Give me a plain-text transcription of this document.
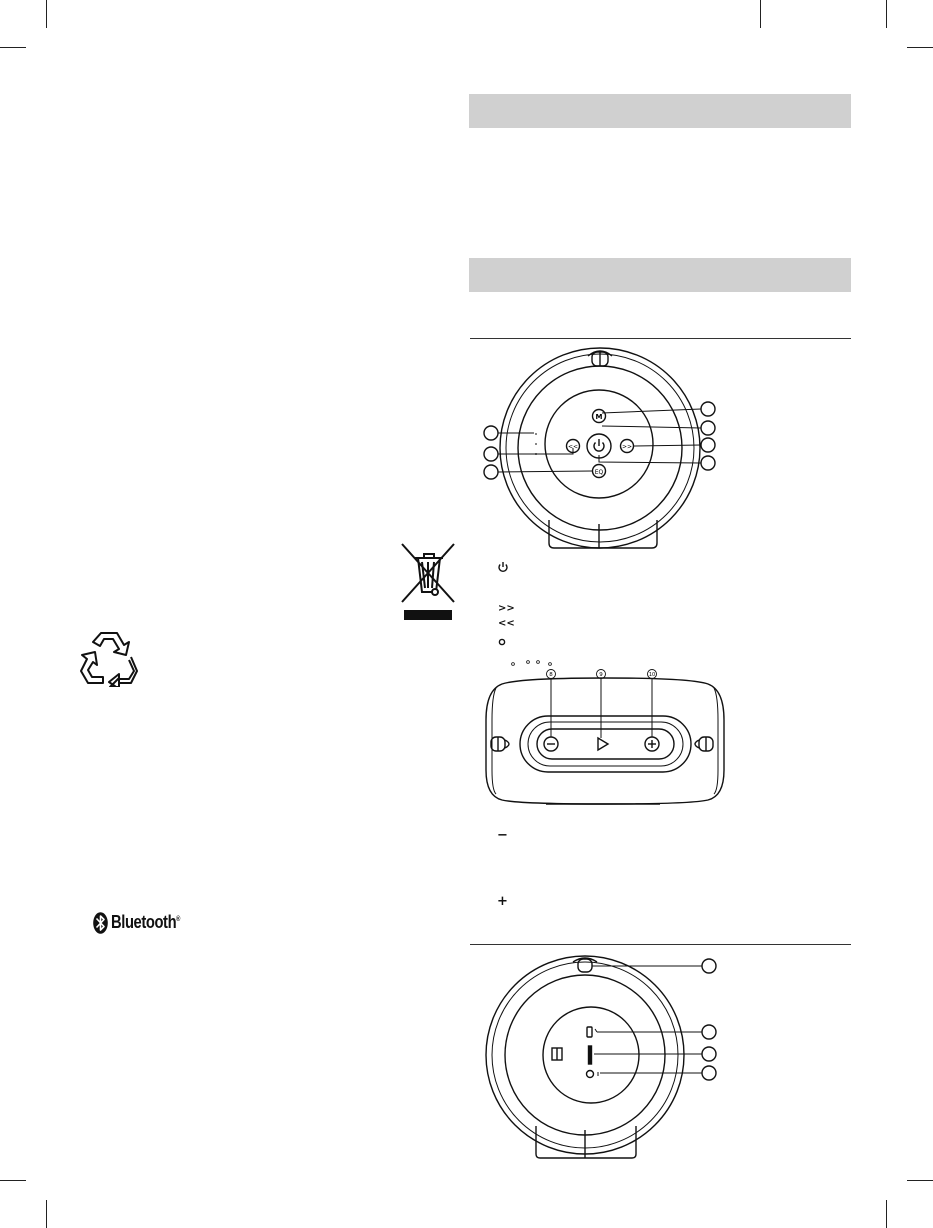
Bluetooth®
M
EQ
<<	>>
>>
<<
8	9	10
−
+
